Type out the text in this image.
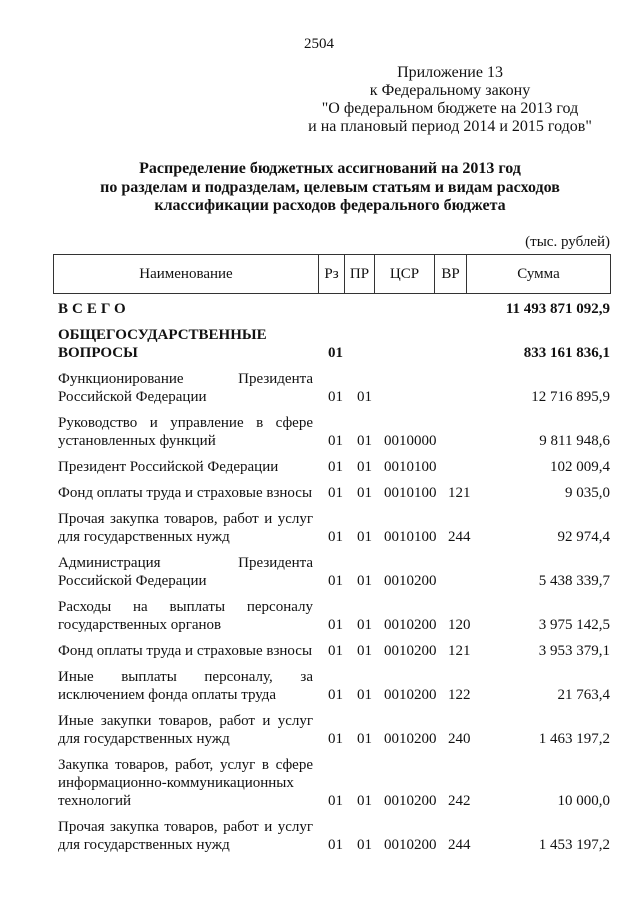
2504
Приложение 13
к Федеральному закону
"О федеральном бюджете на 2013 год
и на плановый период 2014 и 2015 годов"
Распределение бюджетных ассигнований на 2013 год
по разделам и подразделам, целевым статьям и видам расходов
классификации расходов федерального бюджета
(тыс. рублей)
Наименование	Рз ПР	ЦСР	ВР	Сумма
ВСЕГО	11 493 871 092,9
ОБЩЕГОСУДАРСТВЕННЫЕ ВОПРОСЫ	01	833 161 836,1
Функционирование Президента Российской Федерации	01 01	12 716 895,9
Руководство и управление в сфере установленных функций	01 01 0010000	9 811 948,6
Президент Российской Федерации	01 01 0010100	102 009,4
Фонд оплаты труда и страховые взносы 01 01 0010100 121	9 035,0
Прочая закупка товаров, работ и услуг для государственных нужд	01 01 0010100 244	92 974,4
Администрация Президента Российской Федерации	01 01 0010200	5 438 339,7
Расходы на выплаты персоналу государственных органов	01 01 0010200 120	3 975 142,5
Фонд оплаты труда и страховые взносы 01 01 0010200 121	3 953 379,1
Иные выплаты персоналу, за исключением фонда оплаты труда	01 01 0010200 122	21 763,4
Иные закупки товаров, работ и услуг для государственных нужд	01 01 0010200 240	1 463 197,2
Закупка товаров, работ, услуг в сфере информационно-коммуникационных технологий	01 01 0010200 242	10 000,0
Прочая закупка товаров, работ и услуг для государственных нужд	01 01 0010200 244	1 453 197,2
